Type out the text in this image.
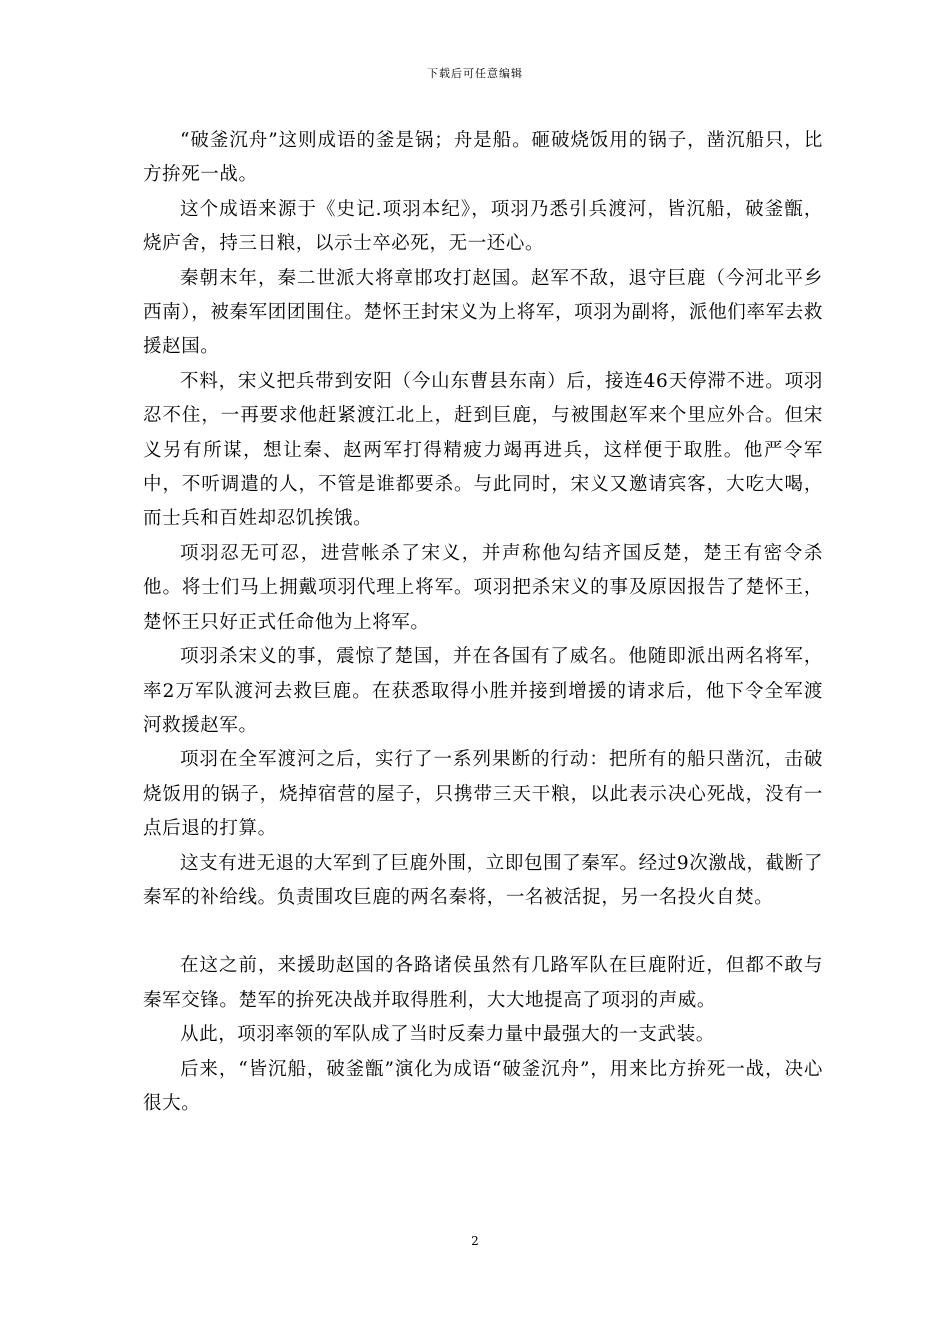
下载后可任意编辑

“破釜沉舟”这则成语的釜是锅；舟是船。砸破烧饭用的锅子，凿沉船只，比方拚死一战。

这个成语来源于《史记.项羽本纪》，项羽乃悉引兵渡河，皆沉船，破釜甑，烧庐舍，持三日粮，以示士卒必死，无一还心。

秦朝末年，秦二世派大将章邯攻打赵国。赵军不敌，退守巨鹿（今河北平乡西南），被秦军团团围住。楚怀王封宋义为上将军，项羽为副将，派他们率军去救援赵国。

不料，宋义把兵带到安阳（今山东曹县东南）后，接连46天停滞不进。项羽忍不住，一再要求他赶紧渡江北上，赶到巨鹿，与被围赵军来个里应外合。但宋义另有所谋，想让秦、赵两军打得精疲力竭再进兵，这样便于取胜。他严令军中，不听调遣的人，不管是谁都要杀。与此同时，宋义又邀请宾客，大吃大喝，而士兵和百姓却忍饥挨饿。

项羽忍无可忍，进营帐杀了宋义，并声称他勾结齐国反楚，楚王有密令杀他。将士们马上拥戴项羽代理上将军。项羽把杀宋义的事及原因报告了楚怀王，楚怀王只好正式任命他为上将军。

项羽杀宋义的事，震惊了楚国，并在各国有了威名。他随即派出两名将军，率2万军队渡河去救巨鹿。在获悉取得小胜并接到增援的请求后，他下令全军渡河救援赵军。

项羽在全军渡河之后，实行了一系列果断的行动：把所有的船只凿沉，击破烧饭用的锅子，烧掉宿营的屋子，只携带三天干粮，以此表示决心死战，没有一点后退的打算。

这支有进无退的大军到了巨鹿外围，立即包围了秦军。经过9次激战，截断了秦军的补给线。负责围攻巨鹿的两名秦将，一名被活捉，另一名投火自焚。

在这之前，来援助赵国的各路诸侯虽然有几路军队在巨鹿附近，但都不敢与秦军交锋。楚军的拚死决战并取得胜利，大大地提高了项羽的声威。

从此，项羽率领的军队成了当时反秦力量中最强大的一支武装。

后来，“皆沉船，破釜甑”演化为成语“破釜沉舟”，用来比方拚死一战，决心很大。

2
